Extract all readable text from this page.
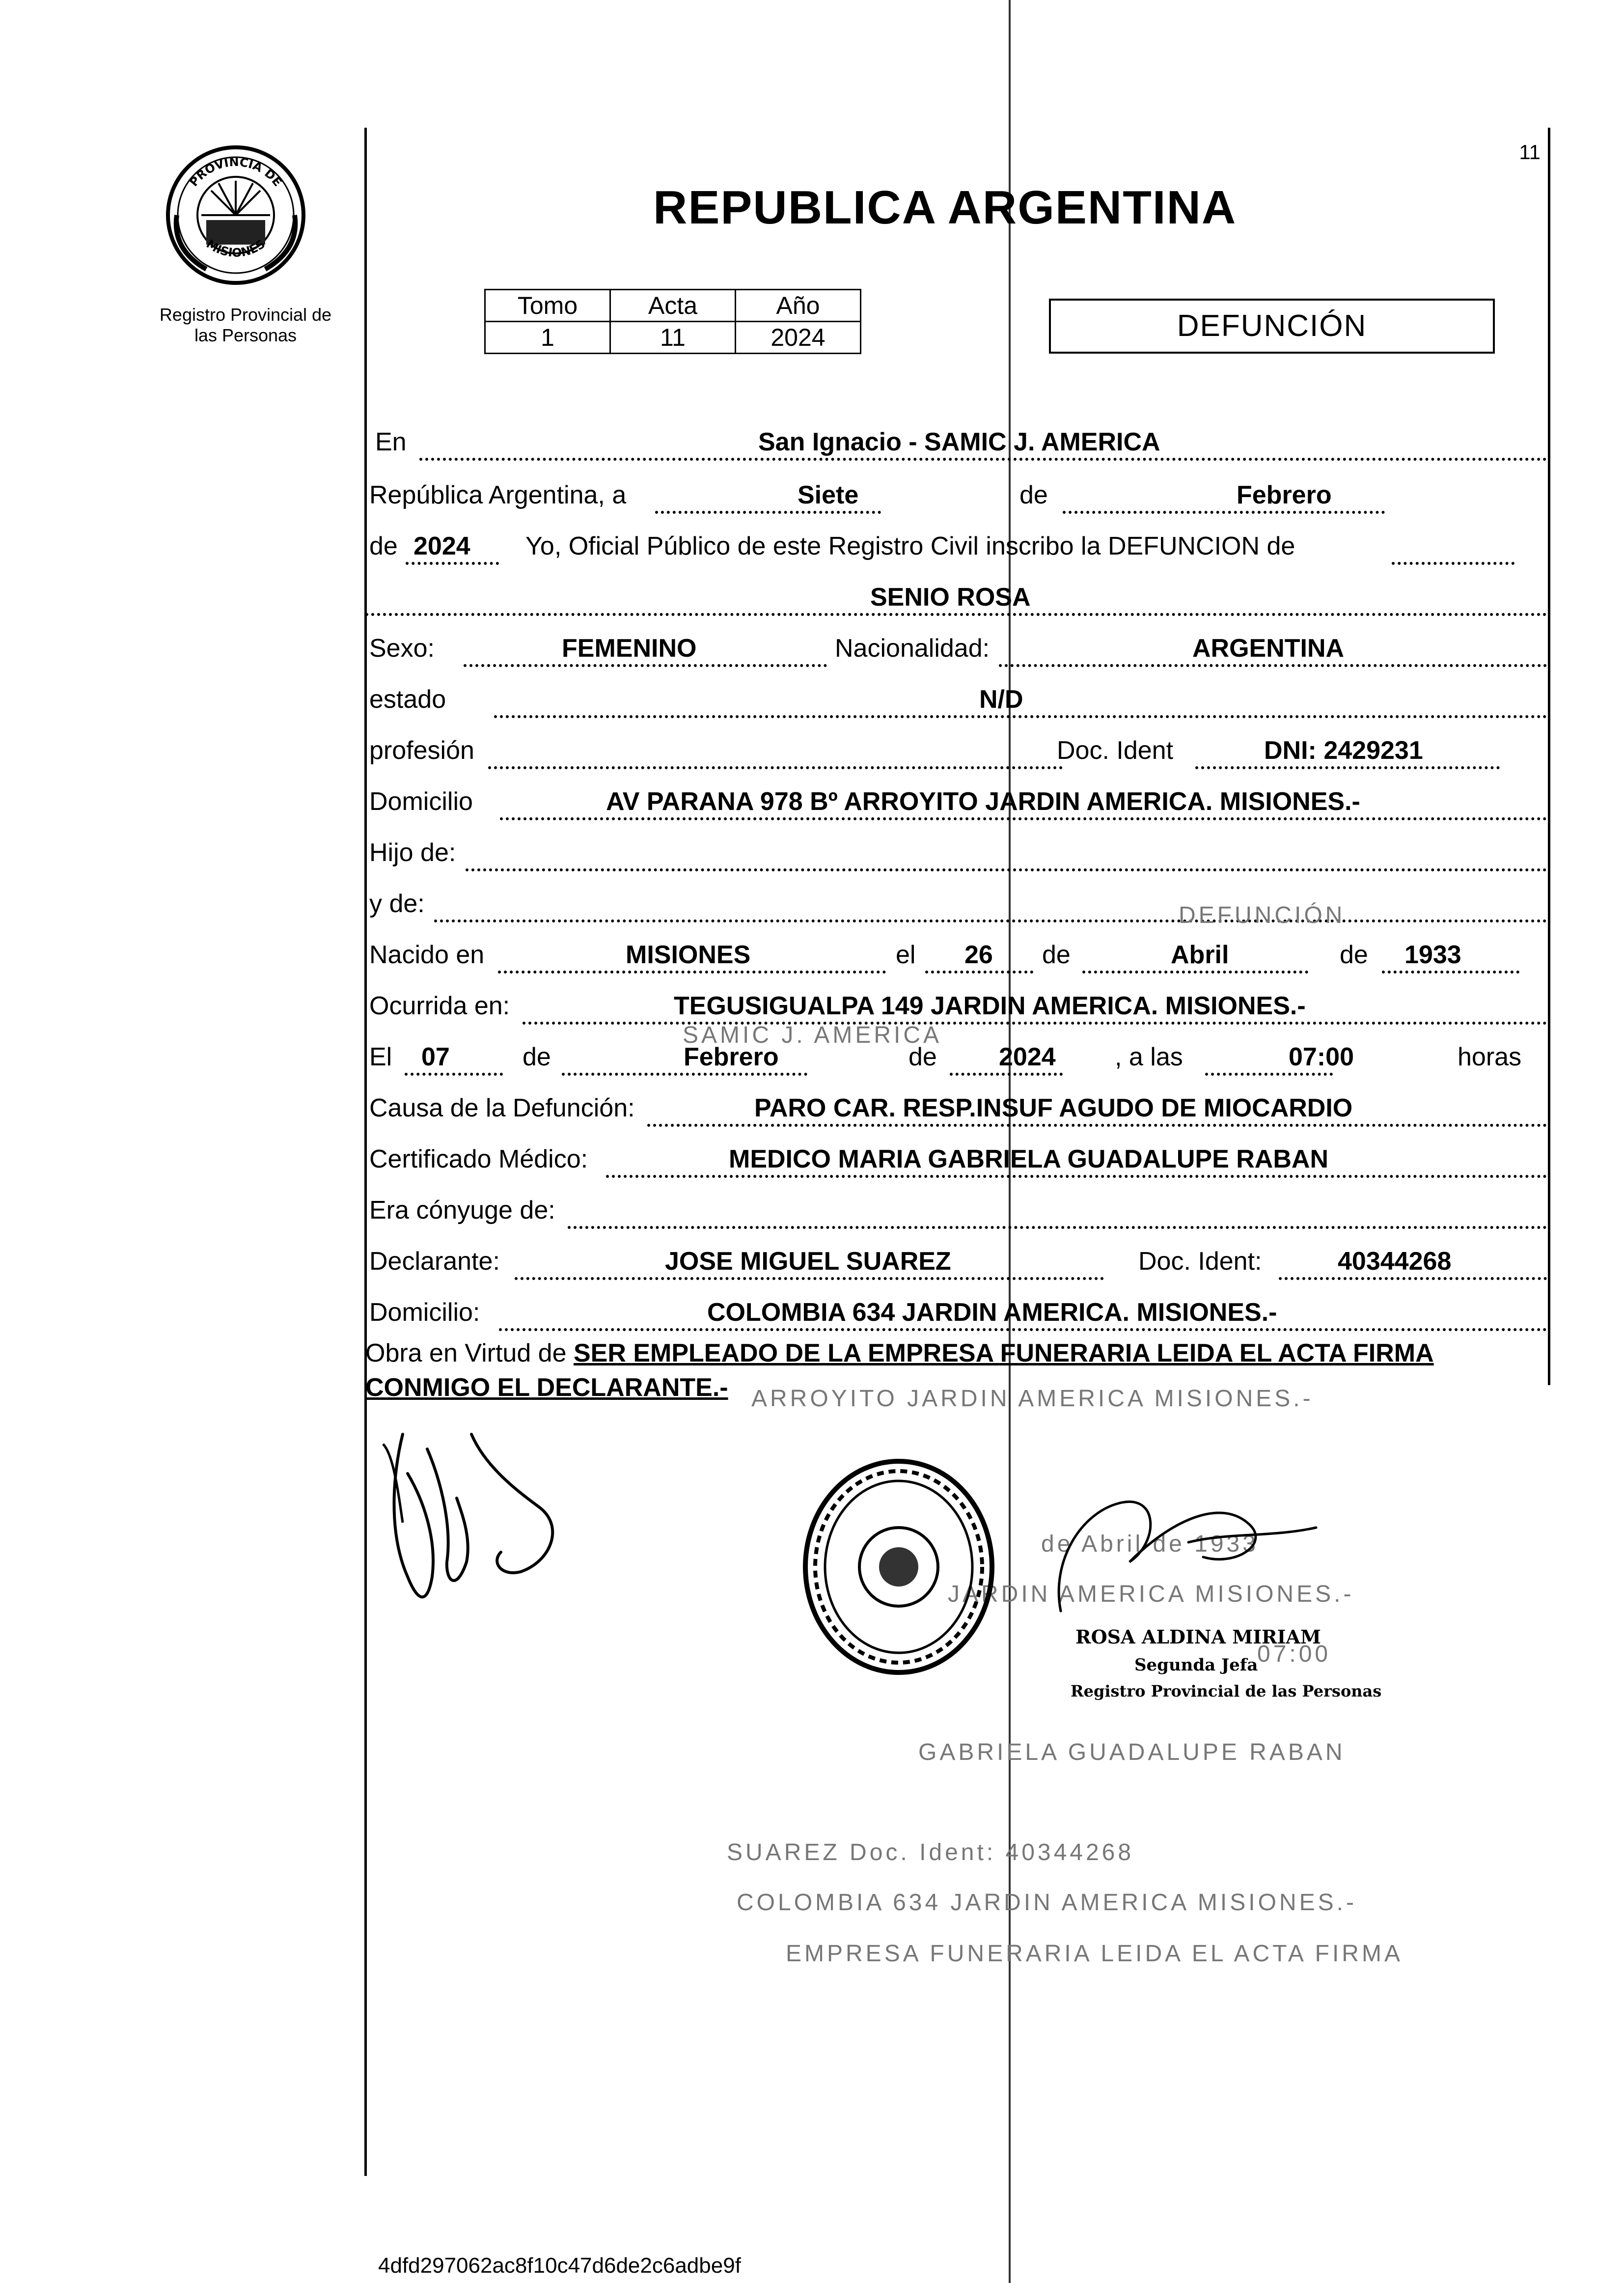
PROVINCIA DE
MISIONES
Registro Provincial de
las Personas
11
REPUBLICA ARGENTINA
Tomo	Acta	Año
1	11	2024	DEFUNCIÓN
En	San Ignacio - SAMIC J. AMERICA
República Argentina, a	Siete	de	Febrero
de 2024 Yo, Oficial Público de este Registro Civil inscribo la DEFUNCION de
SENIO ROSA
Sexo:	FEMENINO	Nacionalidad:	ARGENTINA
estado	N/D
profesión	Doc. Ident	DNI: 2429231
Domicilio	AV PARANA 978 Bº ARROYITO JARDIN AMERICA. MISIONES.-
Hijo de:
y de:
Nacido en	MISIONES	el 26 de	Abril	de 1933
Ocurrida en:	TEGUSIGUALPA 149 JARDIN AMERICA. MISIONES.-
El 07	de	Febrero	de 2024 , a las	07:00	horas
Causa de la Defunción:	PARO CAR. RESP.INSUF AGUDO DE MIOCARDIO
Certificado Médico:	MEDICO MARIA GABRIELA GUADALUPE RABAN
Era cónyuge de:
Declarante:	JOSE MIGUEL SUAREZ	Doc. Ident:	40344268
Domicilio:	COLOMBIA 634 JARDIN AMERICA. MISIONES.-
Obra en Virtud de SER EMPLEADO DE LA EMPRESA FUNERARIA LEIDA EL ACTA FIRMA CONMIGO EL DECLARANTE.-
DEFUNCIÓN
SAMIC J. AMERICA
ARROYITO JARDIN AMERICA MISIONES.-
de Abril de 1933
JARDIN AMERICA MISIONES.-
07:00
GABRIELA GUADALUPE RABAN
SUAREZ Doc. Ident: 40344268
COLOMBIA 634 JARDIN AMERICA MISIONES.-
EMPRESA FUNERARIA LEIDA EL ACTA FIRMA
ROSA ALDINA MIRIAM
Segunda Jefa
Registro Provincial de las Personas
4dfd297062ac8f10c47d6de2c6adbe9f
